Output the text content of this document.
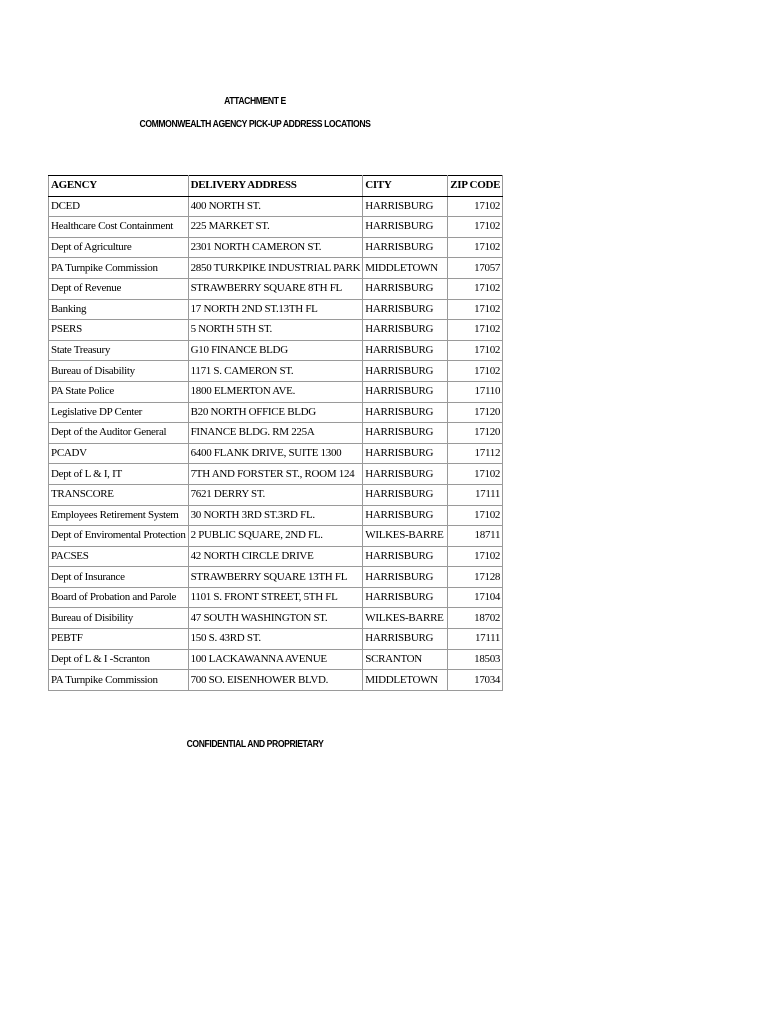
ATTACHMENT E
COMMONWEALTH AGENCY PICK-UP ADDRESS LOCATIONS
AGENCY	DELIVERY ADDRESS	CITY	ZIP CODE
DCED	400 NORTH ST.	HARRISBURG	17102
Healthcare Cost Containment	225 MARKET ST.	HARRISBURG	17102
Dept of Agriculture	2301 NORTH CAMERON ST.	HARRISBURG	17102
PA Turnpike Commission	2850 TURKPIKE INDUSTRIAL PARK	MIDDLETOWN	17057
Dept of Revenue	STRAWBERRY SQUARE 8TH FL	HARRISBURG	17102
Banking	17 NORTH 2ND ST.13TH FL	HARRISBURG	17102
PSERS	5 NORTH 5TH ST.	HARRISBURG	17102
State Treasury	G10 FINANCE BLDG	HARRISBURG	17102
Bureau of Disability	1171 S. CAMERON ST.	HARRISBURG	17102
PA State Police	1800 ELMERTON AVE.	HARRISBURG	17110
Legislative DP Center	B20 NORTH OFFICE BLDG	HARRISBURG	17120
Dept of the Auditor General	FINANCE BLDG. RM 225A	HARRISBURG	17120
PCADV	6400 FLANK DRIVE, SUITE 1300	HARRISBURG	17112
Dept of L & I, IT	7TH AND FORSTER ST., ROOM 124	HARRISBURG	17102
TRANSCORE	7621 DERRY ST.	HARRISBURG	17111
Employees Retirement System	30 NORTH 3RD ST.3RD FL.	HARRISBURG	17102
Dept of Enviromental Protection	2 PUBLIC SQUARE, 2ND FL.	WILKES-BARRE	18711
PACSES	42 NORTH CIRCLE DRIVE	HARRISBURG	17102
Dept of Insurance	STRAWBERRY SQUARE 13TH FL	HARRISBURG	17128
Board of Probation and Parole	1101 S. FRONT STREET, 5TH FL	HARRISBURG	17104
Bureau of Disibility	47 SOUTH WASHINGTON ST.	WILKES-BARRE	18702
PEBTF	150 S. 43RD ST.	HARRISBURG	17111
Dept of L & I -Scranton	100 LACKAWANNA AVENUE	SCRANTON	18503
PA Turnpike Commission	700 SO. EISENHOWER BLVD.	MIDDLETOWN	17034
CONFIDENTIAL AND PROPRIETARY
